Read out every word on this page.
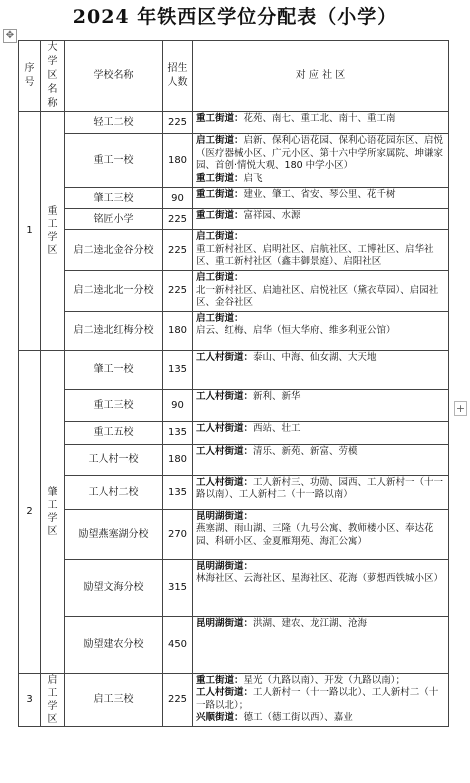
2024 年铁西区学位分配表（小学）
✥
+
序
号	大
学
区
名
称	学校名称	招生人数	对 应 社 区
1	重
工
学
区	轻工二校	225	重工街道：花苑、南七、重工北、南十、重工南

		重工一校	180	启工街道：启新、保利心语花园、保利心语花园东区、启悦（医疗器械小区、广元小区、第十六中学所家属院、坤谦家园、首创·情悦大观、180 中学小区）
重工街道：启飞

		肇工三校	90	重工街道：建业、肇工、省安、琴公里、花千树

		铭匠小学	225	重工街道：富祥园、水源

		启二逵北金谷分校	225	启工街道：
重工新村社区、启明社区、启航社区、工博社区、启华社区、重工新村社区（鑫丰御景庭）、启阳社区

		启二逵北北一分校	225	启工街道：
北一新村社区、启迪社区、启悦社区（黛衣草园）、启园社区、金谷社区

		启二逵北红梅分校	180	启工街道： 启云、红梅、启华（恒大华府、维多利亚公馆）

2	肇
工
学
区	肇工一校	135	工人村街道：泰山、中海、仙女湖、大天地

		重工三校	90	工人村街道：新利、新华

		重工五校	135	工人村街道：西站、壮工

		工人村一校	180	工人村街道：清乐、新苑、新富、劳模

		工人村二校	135	工人村街道：工人新村三、功勋、园西、工人新村一（十一路以南）、工人新村二（十一路以南）

		励望燕塞湖分校	270	昆明湖街道：
燕塞湖、雨山湖、三隆（九号公寓、教师楼小区、奉达花园、科研小区、金夏雁翔苑、海汇公寓）

		励望文海分校	315	昆明湖街道：
林海社区、云海社区、星海社区、花海（萝想西铁城小区）

		励望建农分校	450	昆明湖街道：洪湖、建农、龙江湖、沧海

3	启
工
学
区	启工三校	225	重工街道：星光（九路以南）、开发（九路以南）；
工人村街道：工人新村一（十一路以北）、工人新村二（十一路以北）；
兴顺街道：德工（德工街以西）、嘉业
